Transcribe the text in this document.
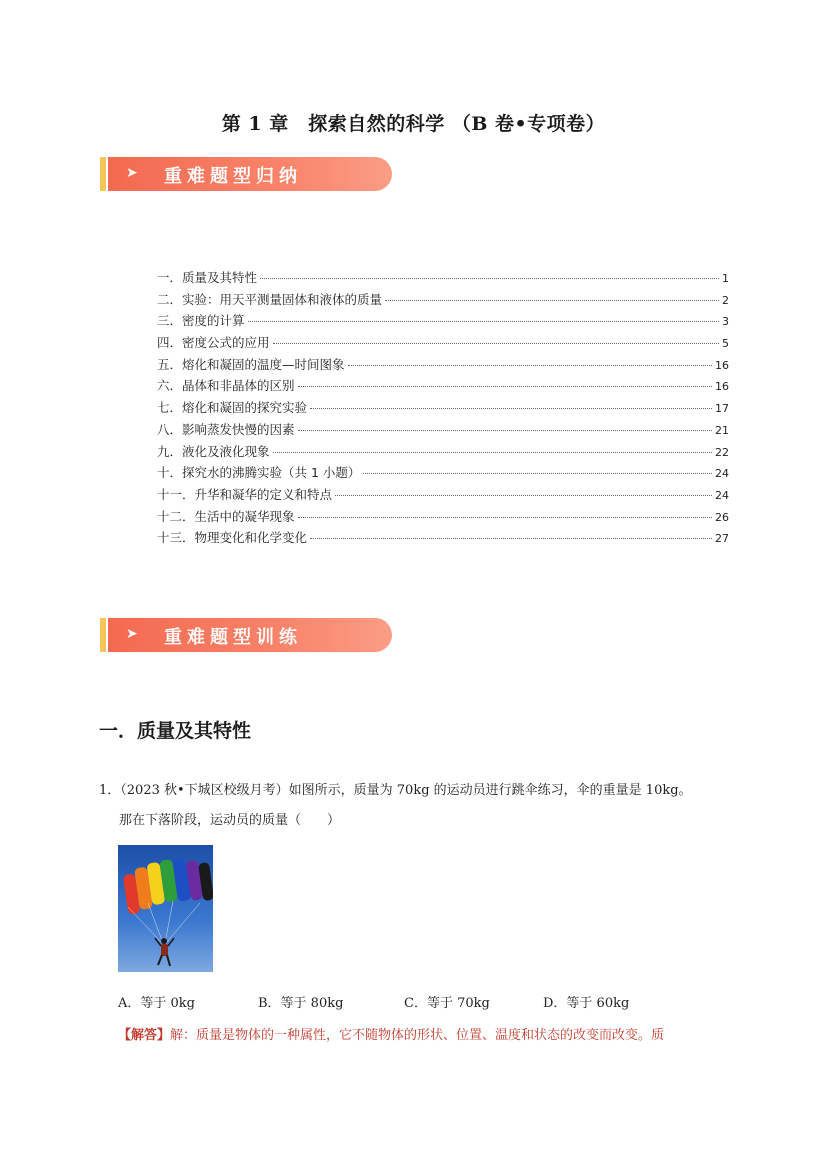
第 1 章　探索自然的科学 （B 卷•专项卷）
➤ 重难题型归纳
一．质量及其特性	1
二．实验：用天平测量固体和液体的质量	2
三．密度的计算	3
四．密度公式的应用	5
五．熔化和凝固的温度—时间图象	16
六．晶体和非晶体的区别	16
七．熔化和凝固的探究实验	17
八．影响蒸发快慢的因素	21
九．液化及液化现象	22
十．探究水的沸腾实验（共 1 小题）	24
十一．升华和凝华的定义和特点	24
十二．生活中的凝华现象	26
十三．物理变化和化学变化	27
➤ 重难题型训练
一．质量及其特性
1．（2023 秋•下城区校级月考）如图所示，质量为 70kg 的运动员进行跳伞练习，伞的重量是 10kg。
那在下落阶段，运动员的质量（　　）
A．等于 0kg	B．等于 80kg	C．等于 70kg	D．等于 60kg
【解答】解：质量是物体的一种属性，它不随物体的形状、位置、温度和状态的改变而改变。质
